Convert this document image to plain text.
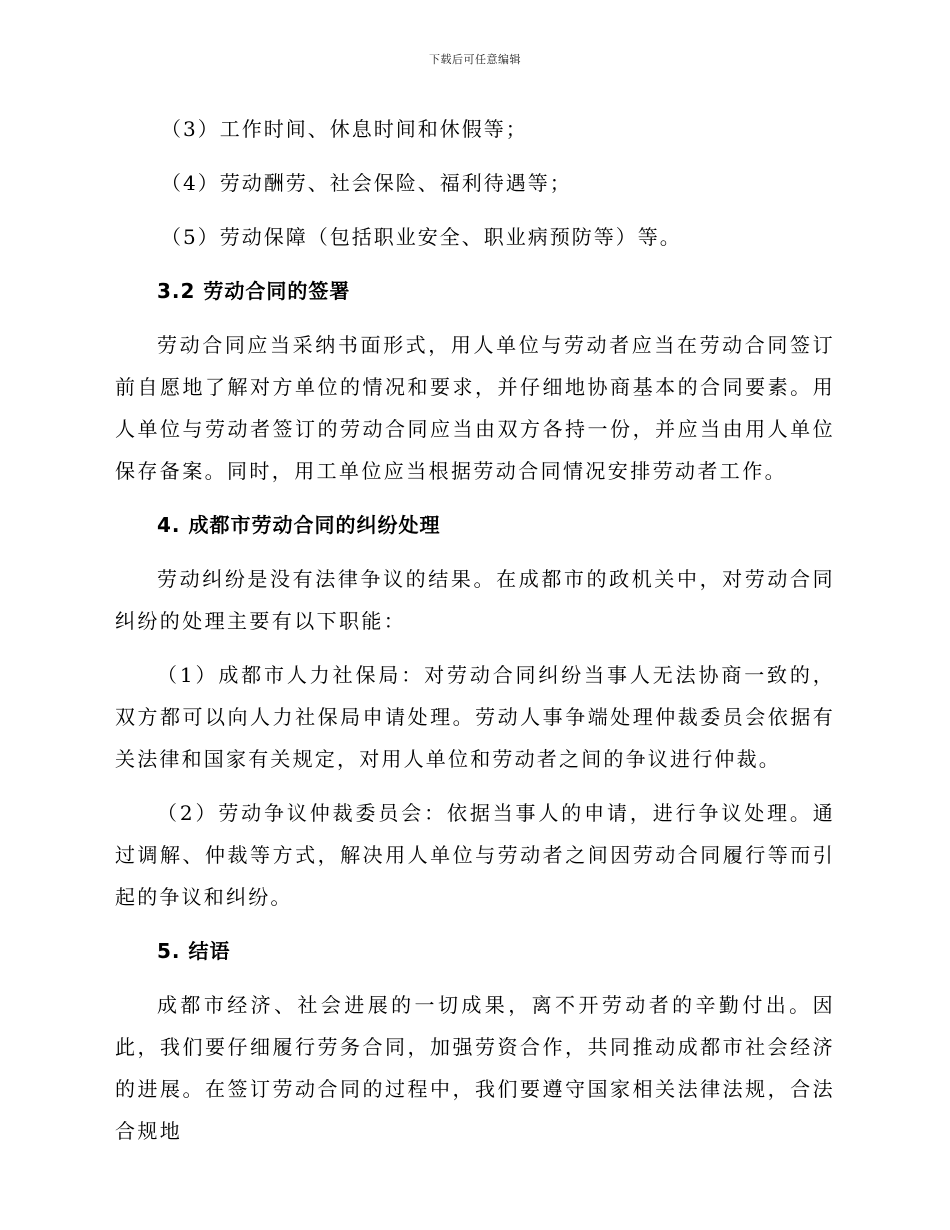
下载后可任意编辑

（3）工作时间、休息时间和休假等；

（4）劳动酬劳、社会保险、福利待遇等；

（5）劳动保障（包括职业安全、职业病预防等）等。

3.2 劳动合同的签署

劳动合同应当采纳书面形式，用人单位与劳动者应当在劳动合同签订前自愿地了解对方单位的情况和要求，并仔细地协商基本的合同要素。用人单位与劳动者签订的劳动合同应当由双方各持一份，并应当由用人单位保存备案。同时，用工单位应当根据劳动合同情况安排劳动者工作。

4. 成都市劳动合同的纠纷处理

劳动纠纷是没有法律争议的结果。在成都市的政机关中，对劳动合同纠纷的处理主要有以下职能：

（1）成都市人力社保局：对劳动合同纠纷当事人无法协商一致的，双方都可以向人力社保局申请处理。劳动人事争端处理仲裁委员会依据有关法律和国家有关规定，对用人单位和劳动者之间的争议进行仲裁。

（2）劳动争议仲裁委员会：依据当事人的申请，进行争议处理。通过调解、仲裁等方式，解决用人单位与劳动者之间因劳动合同履行等而引起的争议和纠纷。

5. 结语

成都市经济、社会进展的一切成果，离不开劳动者的辛勤付出。因此，我们要仔细履行劳务合同，加强劳资合作，共同推动成都市社会经济的进展。在签订劳动合同的过程中，我们要遵守国家相关法律法规，合法合规地
